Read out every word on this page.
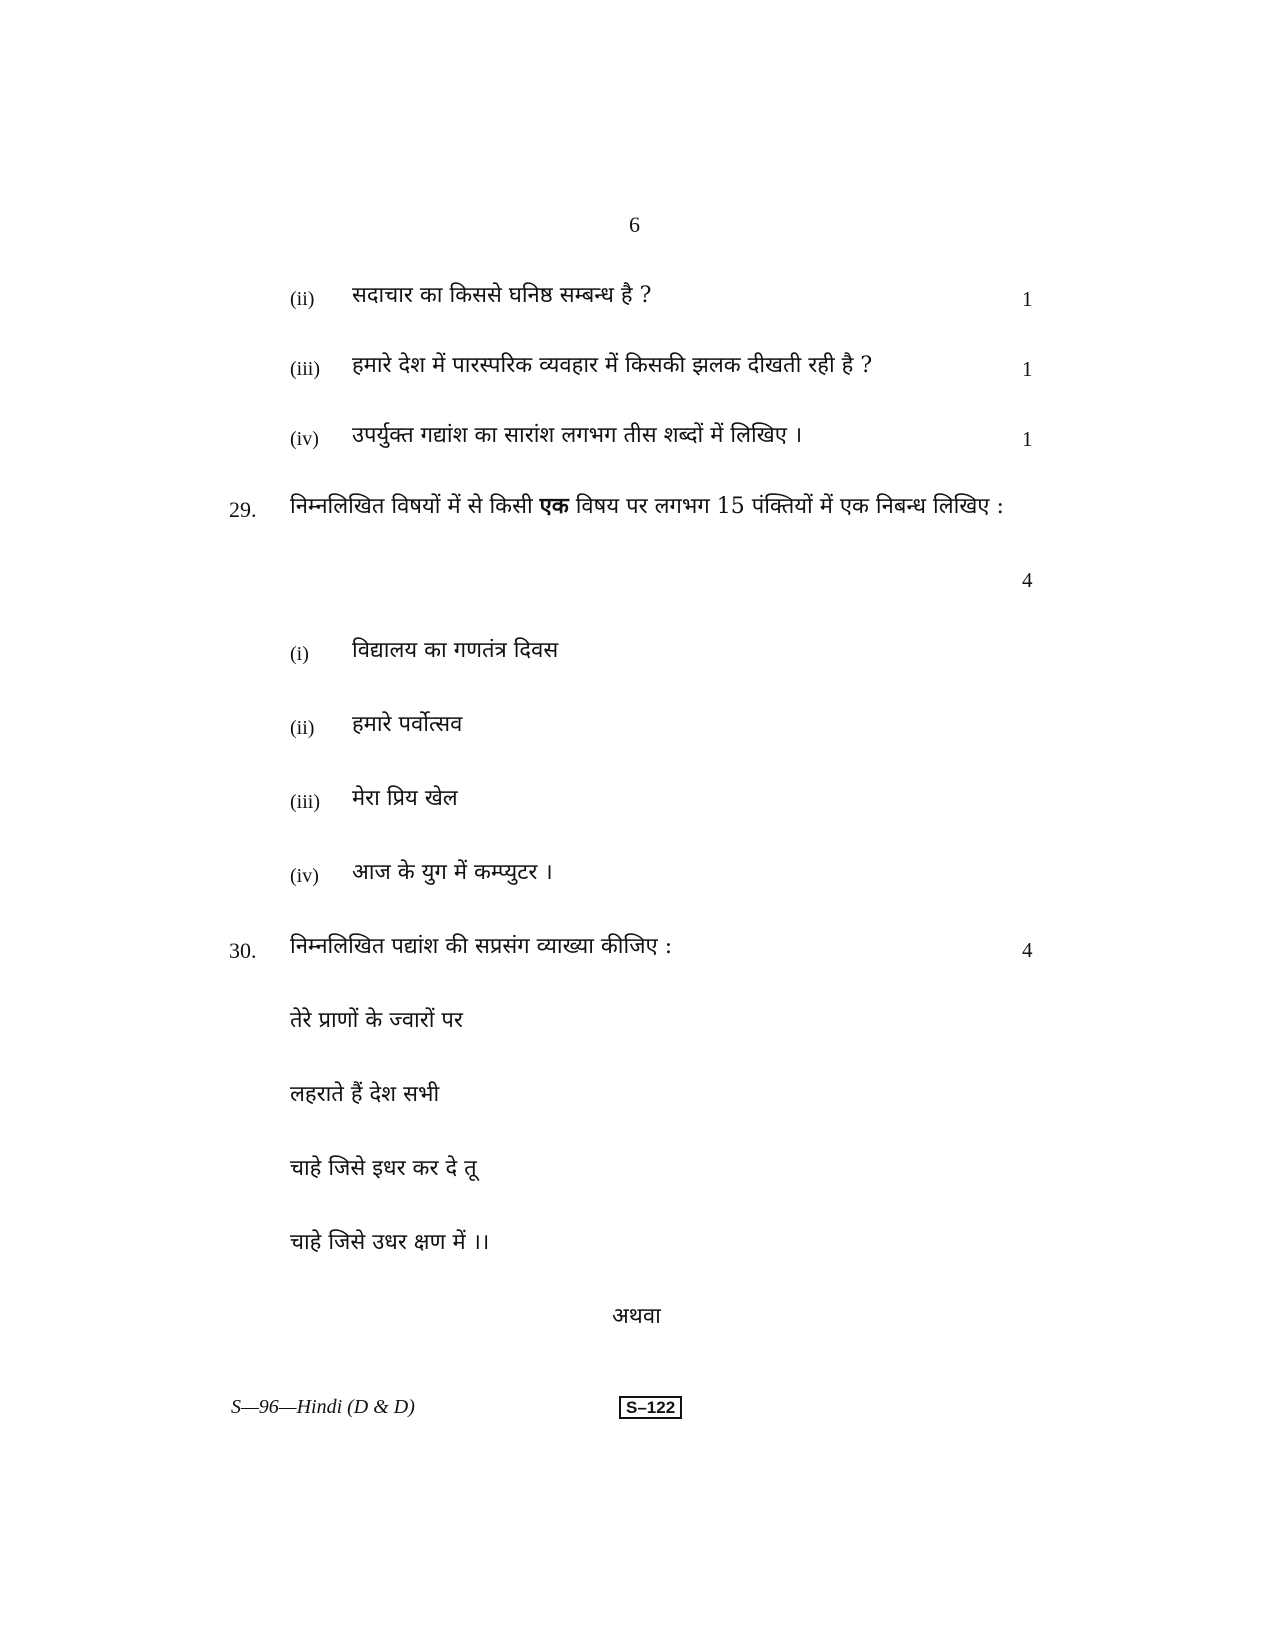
6
(ii) सदाचार का किससे घनिष्ठ सम्बन्ध है ?	1
(iii) हमारे देश में पारस्परिक व्यवहार में किसकी झलक दीखती रही है ?	1
(iv) उपर्युक्त गद्यांश का सारांश लगभग तीस शब्दों में लिखिए ।	1
29. निम्नलिखित विषयों में से किसी एक विषय पर लगभग 15 पंक्तियों में एक निबन्ध लिखिए :
4
(i) विद्यालय का गणतंत्र दिवस
(ii) हमारे पर्वोत्सव
(iii) मेरा प्रिय खेल
(iv) आज के युग में कम्प्युटर ।
30. निम्नलिखित पद्यांश की सप्रसंग व्याख्या कीजिए :	4
तेरे प्राणों के ज्वारों पर
लहराते हैं देश सभी
चाहे जिसे इधर कर दे तू
चाहे जिसे उधर क्षण में ।।
अथवा
S—96—Hindi (D & D)	S–122
